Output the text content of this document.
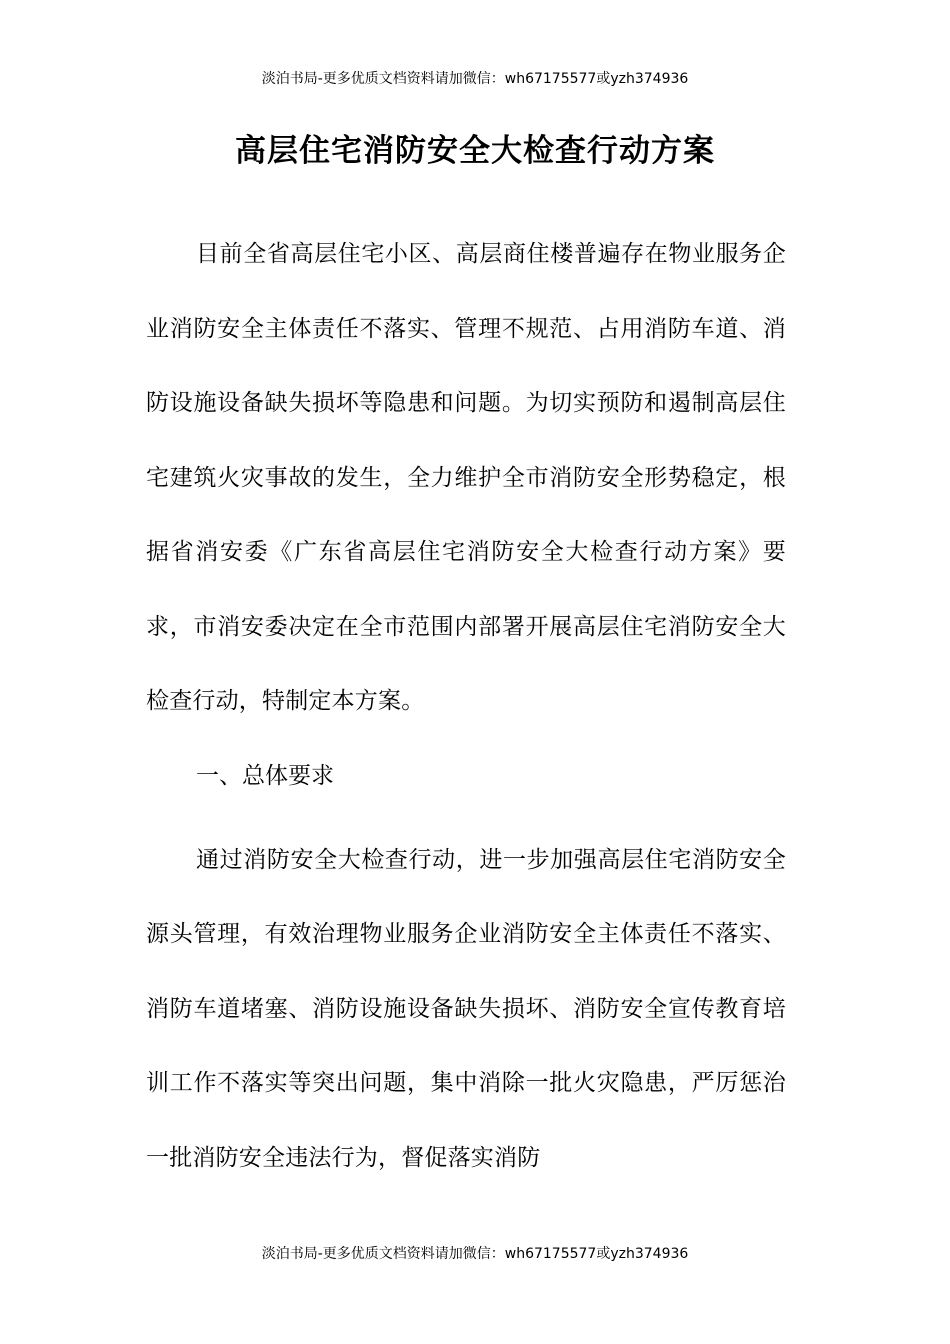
淡泊书局-更多优质文档资料请加微信：wh67175577或yzh374936
高层住宅消防安全大检查行动方案

目前全省高层住宅小区、高层商住楼普遍存在物业服务企业消防安全主体责任不落实、管理不规范、占用消防车道、消防设施设备缺失损坏等隐患和问题。为切实预防和遏制高层住宅建筑火灾事故的发生，全力维护全市消防安全形势稳定，根据省消安委《广东省高层住宅消防安全大检查行动方案》要求，市消安委决定在全市范围内部署开展高层住宅消防安全大检查行动，特制定本方案。

一、总体要求

通过消防安全大检查行动，进一步加强高层住宅消防安全源头管理，有效治理物业服务企业消防安全主体责任不落实、消防车道堵塞、消防设施设备缺失损坏、消防安全宣传教育培训工作不落实等突出问题，集中消除一批火灾隐患，严厉惩治一批消防安全违法行为，督促落实消防

淡泊书局-更多优质文档资料请加微信：wh67175577或yzh374936
